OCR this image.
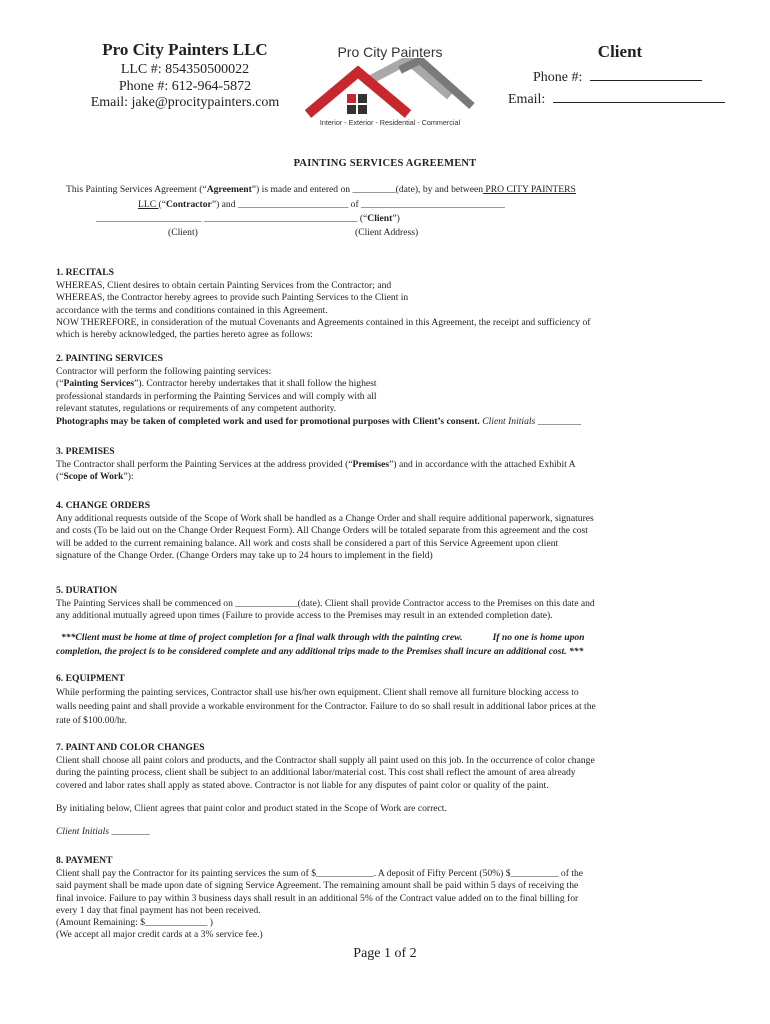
Pro City Painters LLC
LLC #: 854350500022
Phone #: 612-964-5872
Email: jake@procitypainters.com
Pro City Painters
Interior - Exterior - Residential - Commercial
Client
Phone #:
Email:
PAINTING SERVICES AGREEMENT
This Painting Services Agreement (“Agreement”) is made and entered on _________(date), by and between PRO CITY PAINTERS
LLC (“Contractor”) and _______________________ of ______________________________
______________________ ________________________________ (“Client”)
(Client)	(Client Address)
1. RECITALS
WHEREAS, Client desires to obtain certain Painting Services from the Contractor; and
WHEREAS, the Contractor hereby agrees to provide such Painting Services to the Client in
accordance with the terms and conditions contained in this Agreement.
NOW THEREFORE, in consideration of the mutual Covenants and Agreements contained in this Agreement, the receipt and sufficiency of
which is hereby acknowledged, the parties hereto agree as follows:
2. PAINTING SERVICES
Contractor will perform the following painting services:
(“Painting Services”). Contractor hereby undertakes that it shall follow the highest
professional standards in performing the Painting Services and will comply with all
relevant statutes, regulations or requirements of any competent authority.
Photographs may be taken of completed work and used for promotional purposes with Client’s consent. Client Initials _________
3. PREMISES
The Contractor shall perform the Painting Services at the address provided (“Premises”) and in accordance with the attached Exhibit A
(“Scope of Work”):
4. CHANGE ORDERS
Any additional requests outside of the Scope of Work shall be handled as a Change Order and shall require additional paperwork, signatures
and costs (To be laid out on the Change Order Request Form). All Change Orders will be totaled separate from this agreement and the cost
will be added to the current remaining balance. All work and costs shall be considered a part of this Service Agreement upon client
signature of the Change Order. (Change Orders may take up to 24 hours to implement in the field)
5. DURATION
The Painting Services shall be commenced on _____________(date). Client shall provide Contractor access to the Premises on this date and
any additional mutually agreed upon times (Failure to provide access to the Premises may result in an extended completion date).
***Client must be home at time of project completion for a final walk through with the painting crew.	If no one is home upon
completion, the project is to be considered complete and any additional trips made to the Premises shall incure an additional cost. ***
6. EQUIPMENT
While performing the painting services, Contractor shall use his/her own equipment. Client shall remove all furniture blocking access to
walls needing paint and shall provide a workable environment for the Contractor. Failure to do so shall result in additional labor prices at the
rate of $100.00/hr.
7. PAINT AND COLOR CHANGES
Client shall choose all paint colors and products, and the Contractor shall supply all paint used on this job. In the occurrence of color change
during the painting process, client shall be subject to an additional labor/material cost. This cost shall reflect the amount of area already
covered and labor rates shall apply as stated above. Contractor is not liable for any disputes of paint color or quality of the paint.
By initialing below, Client agrees that paint color and product stated in the Scope of Work are correct.
Client Initials ________
8. PAYMENT
Client shall pay the Contractor for its painting services the sum of $____________. A deposit of Fifty Percent (50%) $__________ of the
said payment shall be made upon date of signing Service Agreement. The remaining amount shall be paid within 5 days of receiving the
final invoice. Failure to pay within 3 business days shall result in an additional 5% of the Contract value added on to the final billing for
every 1 day that final payment has not been received.
(Amount Remaining: $_____________ )
(We accept all major credit cards at a 3% service fee.)
Page 1 of 2
